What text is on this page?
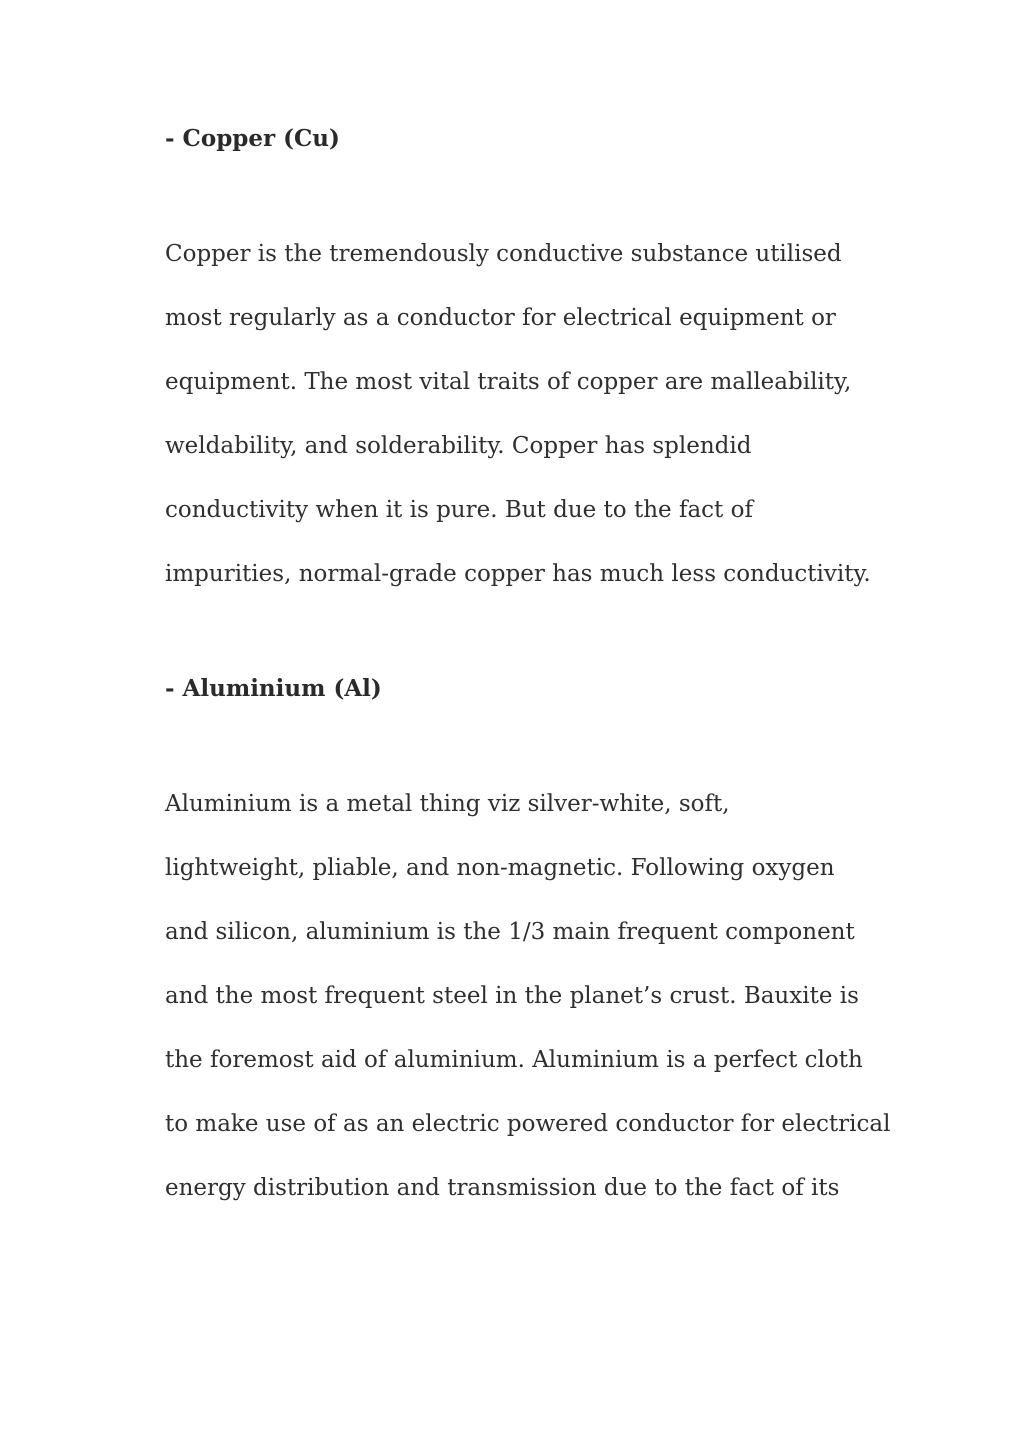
- Copper (Cu)
Copper is the tremendously conductive substance utilised
most regularly as a conductor for electrical equipment or
equipment. The most vital traits of copper are malleability,
weldability, and solderability. Copper has splendid
conductivity when it is pure. But due to the fact of
impurities, normal-grade copper has much less conductivity.
- Aluminium (Al)
Aluminium is a metal thing viz silver-white, soft,
lightweight, pliable, and non-magnetic. Following oxygen
and silicon, aluminium is the 1/3 main frequent component
and the most frequent steel in the planet’s crust. Bauxite is
the foremost aid of aluminium. Aluminium is a perfect cloth
to make use of as an electric powered conductor for electrical
energy distribution and transmission due to the fact of its
